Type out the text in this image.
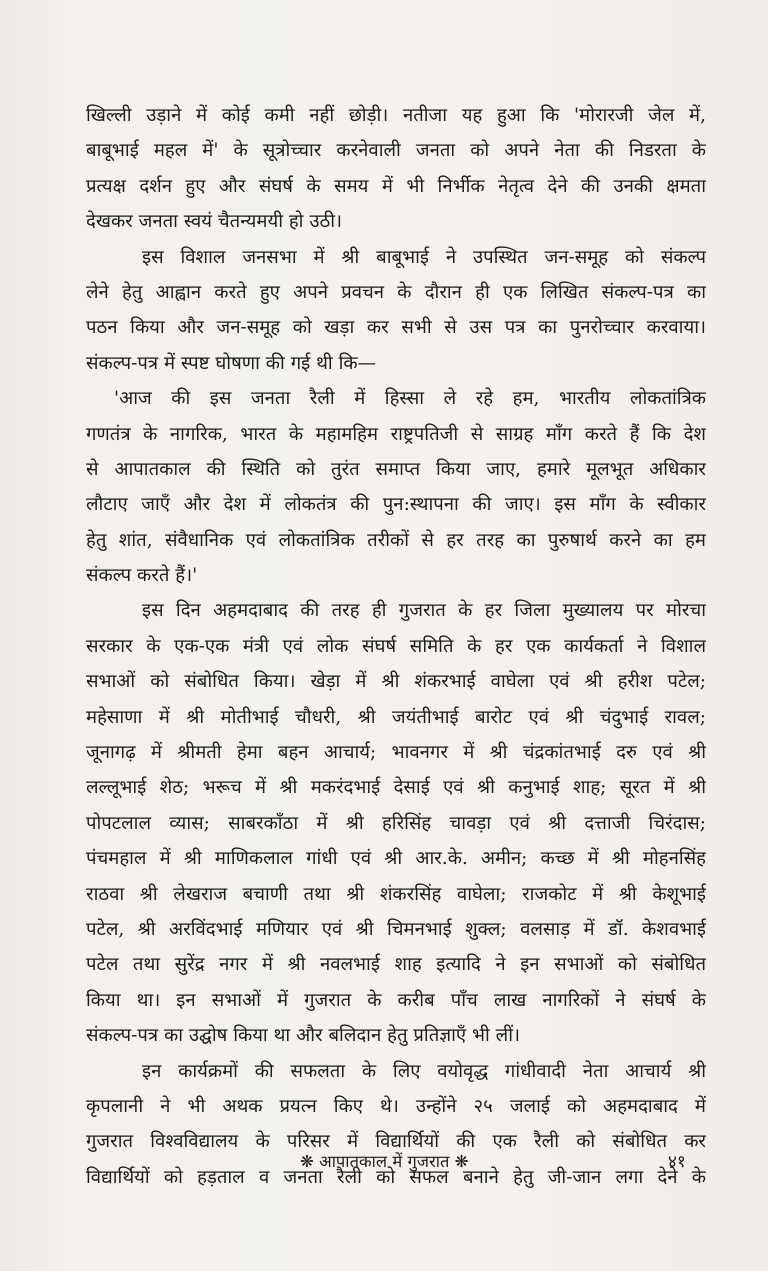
खिल्ली उड़ाने में कोई कमी नहीं छोड़ी। नतीजा यह हुआ कि 'मोरारजी जेल में,
बाबूभाई महल में' के सूत्रोच्चार करनेवाली जनता को अपने नेता की निडरता के
प्रत्यक्ष दर्शन हुए और संघर्ष के समय में भी निर्भीक नेतृत्व देने की उनकी क्षमता
देखकर जनता स्वयं चैतन्यमयी हो उठी।
इस विशाल जनसभा में श्री बाबूभाई ने उपस्थित जन-समूह को संकल्प
लेने हेतु आह्वान करते हुए अपने प्रवचन के दौरान ही एक लिखित संकल्प-पत्र का
पठन किया और जन-समूह को खड़ा कर सभी से उस पत्र का पुनरोच्चार करवाया।
संकल्प-पत्र में स्पष्ट घोषणा की गई थी कि—
'आज की इस जनता रैली में हिस्सा ले रहे हम, भारतीय लोकतांत्रिक
गणतंत्र के नागरिक, भारत के महामहिम राष्ट्रपतिजी से साग्रह माँग करते हैं कि देश
से आपातकाल की स्थिति को तुरंत समाप्त किया जाए, हमारे मूलभूत अधिकार
लौटाए जाएँ और देश में लोकतंत्र की पुन:स्थापना की जाए। इस माँग के स्वीकार
हेतु शांत, संवैधानिक एवं लोकतांत्रिक तरीकों से हर तरह का पुरुषार्थ करने का हम
संकल्प करते हैं।'
इस दिन अहमदाबाद की तरह ही गुजरात के हर जिला मुख्यालय पर मोरचा
सरकार के एक-एक मंत्री एवं लोक संघर्ष समिति के हर एक कार्यकर्ता ने विशाल
सभाओं को संबोधित किया। खेड़ा में श्री शंकरभाई वाघेला एवं श्री हरीश पटेल;
महेसाणा में श्री मोतीभाई चौधरी, श्री जयंतीभाई बारोट एवं श्री चंदुभाई रावल;
जूनागढ़ में श्रीमती हेमा बहन आचार्य; भावनगर में श्री चंद्रकांतभाई दरु एवं श्री
लल्लूभाई शेठ; भरूच में श्री मकरंदभाई देसाई एवं श्री कनुभाई शाह; सूरत में श्री
पोपटलाल व्यास; साबरकाँठा में श्री हरिसिंह चावड़ा एवं श्री दत्ताजी चिरंदास;
पंचमहाल में श्री माणिकलाल गांधी एवं श्री आर.के. अमीन; कच्छ में श्री मोहनसिंह
राठवा श्री लेखराज बचाणी तथा श्री शंकरसिंह वाघेला; राजकोट में श्री केशूभाई
पटेल, श्री अरविंदभाई मणियार एवं श्री चिमनभाई शुक्ल; वलसाड़ में डॉ. केशवभाई
पटेल तथा सुरेंद्र नगर में श्री नवलभाई शाह इत्यादि ने इन सभाओं को संबोधित
किया था। इन सभाओं में गुजरात के करीब पाँच लाख नागरिकों ने संघर्ष के
संकल्प-पत्र का उद्घोष किया था और बलिदान हेतु प्रतिज्ञाएँ भी लीं।
इन कार्यक्रमों की सफलता के लिए वयोवृद्ध गांधीवादी नेता आचार्य श्री
कृपलानी ने भी अथक प्रयत्न किए थे। उन्होंने २५ जलाई को अहमदाबाद में
गुजरात विश्वविद्यालय के परिसर में विद्यार्थियों की एक रैली को संबोधित कर
विद्यार्थियों को हड़ताल व जनता रैली को सफल बनाने हेतु जी-जान लगा देने के
❋ आपातकाल में गुजरात ❋	४१
